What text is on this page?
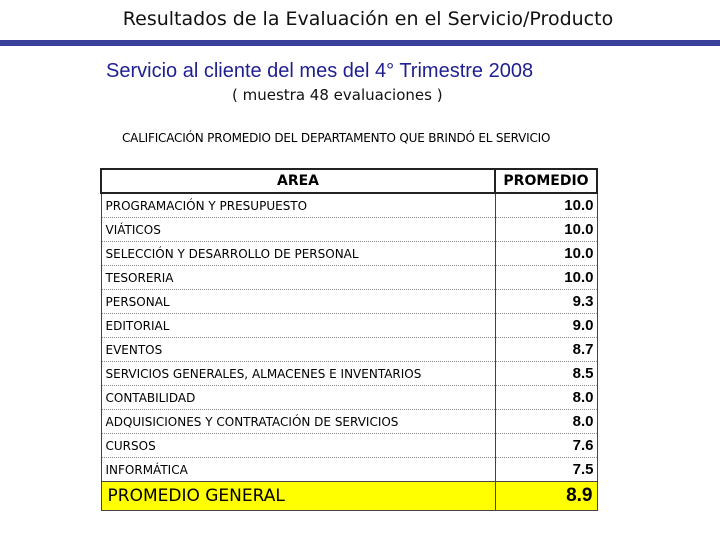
Resultados de la Evaluación en el Servicio/Producto
Servicio al cliente del mes del 4° Trimestre 2008
( muestra 48 evaluaciones )
CALIFICACIÓN PROMEDIO DEL DEPARTAMENTO QUE BRINDÓ EL SERVICIO
AREA	PROMEDIO
PROGRAMACIÓN Y PRESUPUESTO	10.0
VIÁTICOS	10.0
SELECCIÓN Y DESARROLLO DE PERSONAL	10.0
TESORERIA	10.0
PERSONAL	9.3
EDITORIAL	9.0
EVENTOS	8.7
SERVICIOS GENERALES, ALMACENES E INVENTARIOS	8.5
CONTABILIDAD	8.0
ADQUISICIONES Y CONTRATACIÓN DE SERVICIOS	8.0
CURSOS	7.6
INFORMÁTICA	7.5
PROMEDIO GENERAL	8.9
